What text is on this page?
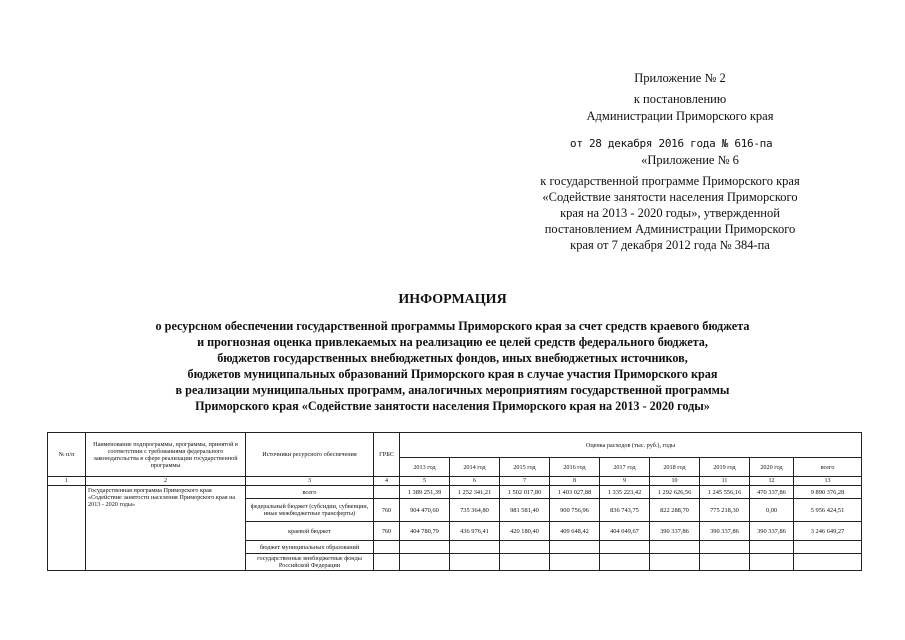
Приложение № 2
к постановлению
Администрации Приморского края
от 28 декабря 2016 года № 616-па
«Приложение № 6
к государственной программе Приморского края
«Содействие занятости населения Приморского
края на 2013 - 2020 годы», утвержденной
постановлением Администрации Приморского
края от 7 декабря 2012 года № 384-па
ИНФОРМАЦИЯ
о ресурсном обеспечении государственной программы Приморского края за счет средств краевого бюджета
и прогнозная оценка привлекаемых на реализацию ее целей средств федерального бюджета,
бюджетов государственных внебюджетных фондов, иных внебюджетных источников,
бюджетов муниципальных образований Приморского края в случае участия Приморского края
в реализации муниципальных программ, аналогичных мероприятиям государственной программы
Приморского края «Содействие занятости населения Приморского края на 2013 - 2020 годы»
№ п/п	Наименование подпрограммы, программы, принятой в соответствии с требованиями федерального законодательства в сфере реализации государственной программы	Источники ресурсного обеспечения	ГРБС	Оценка расходов (тыс. руб.), годы								
				2013 год	2014 год	2015 год	2016 год	2017 год	2018 год	2019 год	2020 год	всего
1	2	3	4	5	6	7	8	9	10	11	12	13
	Государственная программа Приморского края «Содействие занятости населения Приморского края на 2013 - 2020 годы»	всего		1 389 251,39	1 252 341,21	1 502 017,80	1 403 027,88	1 335 223,42	1 292 626,56	1 245 556,16	470 337,86	9 890 376,28
		федеральный бюджет (субсидии, субвенции, иные межбюджетные трансферты)	760	904 470,60	735 364,80	981 581,40	900 756,96	836 743,75	822 288,70	775 218,30	0,00	5 956 424,51
		краевой бюджет	760	404 780,79	436 976,41	420 180,40	409 648,42	404 049,67	390 337,86	390 337,86	390 337,86	3 246 649,27
		бюджет муниципальных образований										
		государственные внебюджетные фонды Российской Федерации										
